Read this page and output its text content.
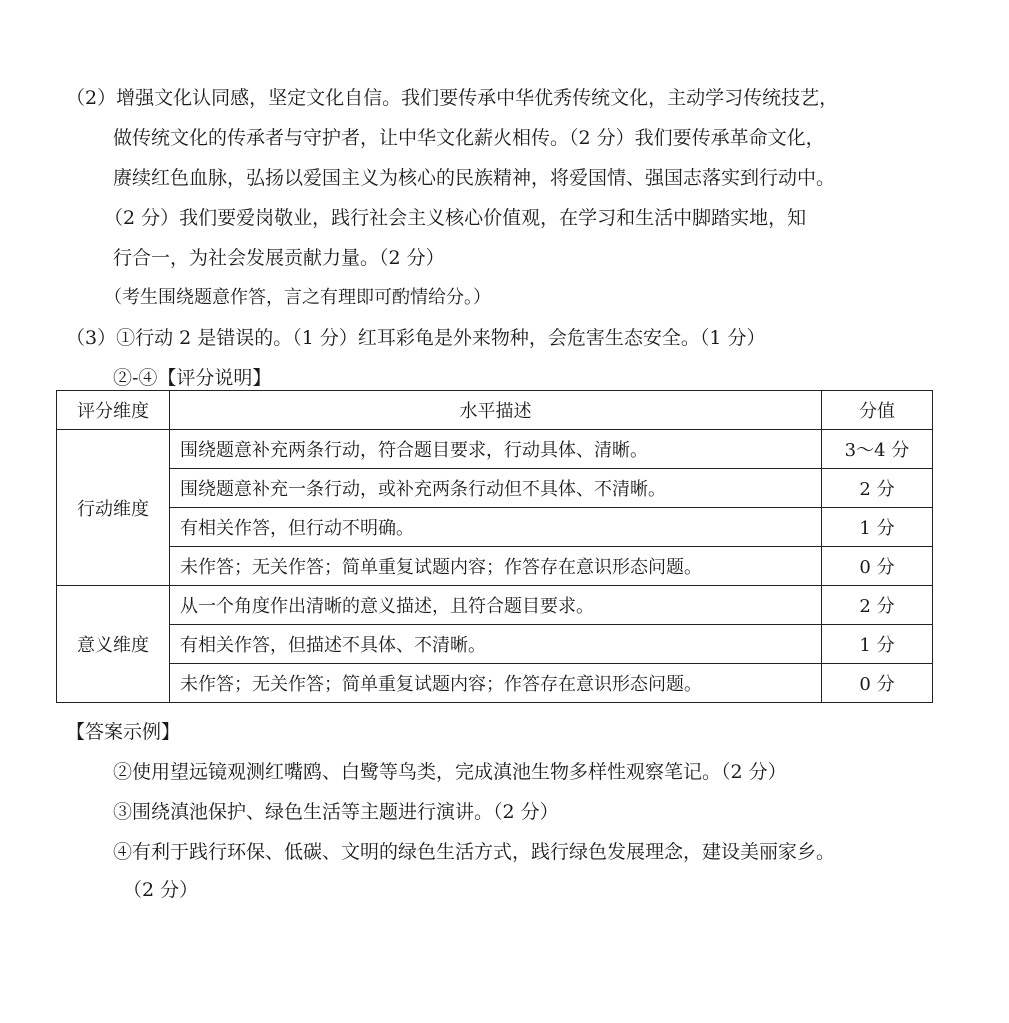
（2）增强文化认同感，坚定文化自信。我们要传承中华优秀传统文化，主动学习传统技艺，
做传统文化的传承者与守护者，让中华文化薪火相传。（2 分）我们要传承革命文化，
赓续红色血脉，弘扬以爱国主义为核心的民族精神，将爱国情、强国志落实到行动中。
（2 分）我们要爱岗敬业，践行社会主义核心价值观，在学习和生活中脚踏实地，知
行合一，为社会发展贡献力量。（2 分）
（考生围绕题意作答，言之有理即可酌情给分。）
（3）①行动 2 是错误的。（1 分）红耳彩龟是外来物种，会危害生态安全。（1 分）
②-④【评分说明】
评分维度	水平描述	分值
行动维度	围绕题意补充两条行动，符合题目要求，行动具体、清晰。	3～4 分
	围绕题意补充一条行动，或补充两条行动但不具体、不清晰。	2 分
	有相关作答，但行动不明确。	1 分
	未作答；无关作答；简单重复试题内容；作答存在意识形态问题。	0 分
意义维度	从一个角度作出清晰的意义描述，且符合题目要求。	2 分
	有相关作答，但描述不具体、不清晰。	1 分
	未作答；无关作答；简单重复试题内容；作答存在意识形态问题。	0 分
【答案示例】
②使用望远镜观测红嘴鸥、白鹭等鸟类，完成滇池生物多样性观察笔记。（2 分）
③围绕滇池保护、绿色生活等主题进行演讲。（2 分）
④有利于践行环保、低碳、文明的绿色生活方式，践行绿色发展理念，建设美丽家乡。
（2 分）
